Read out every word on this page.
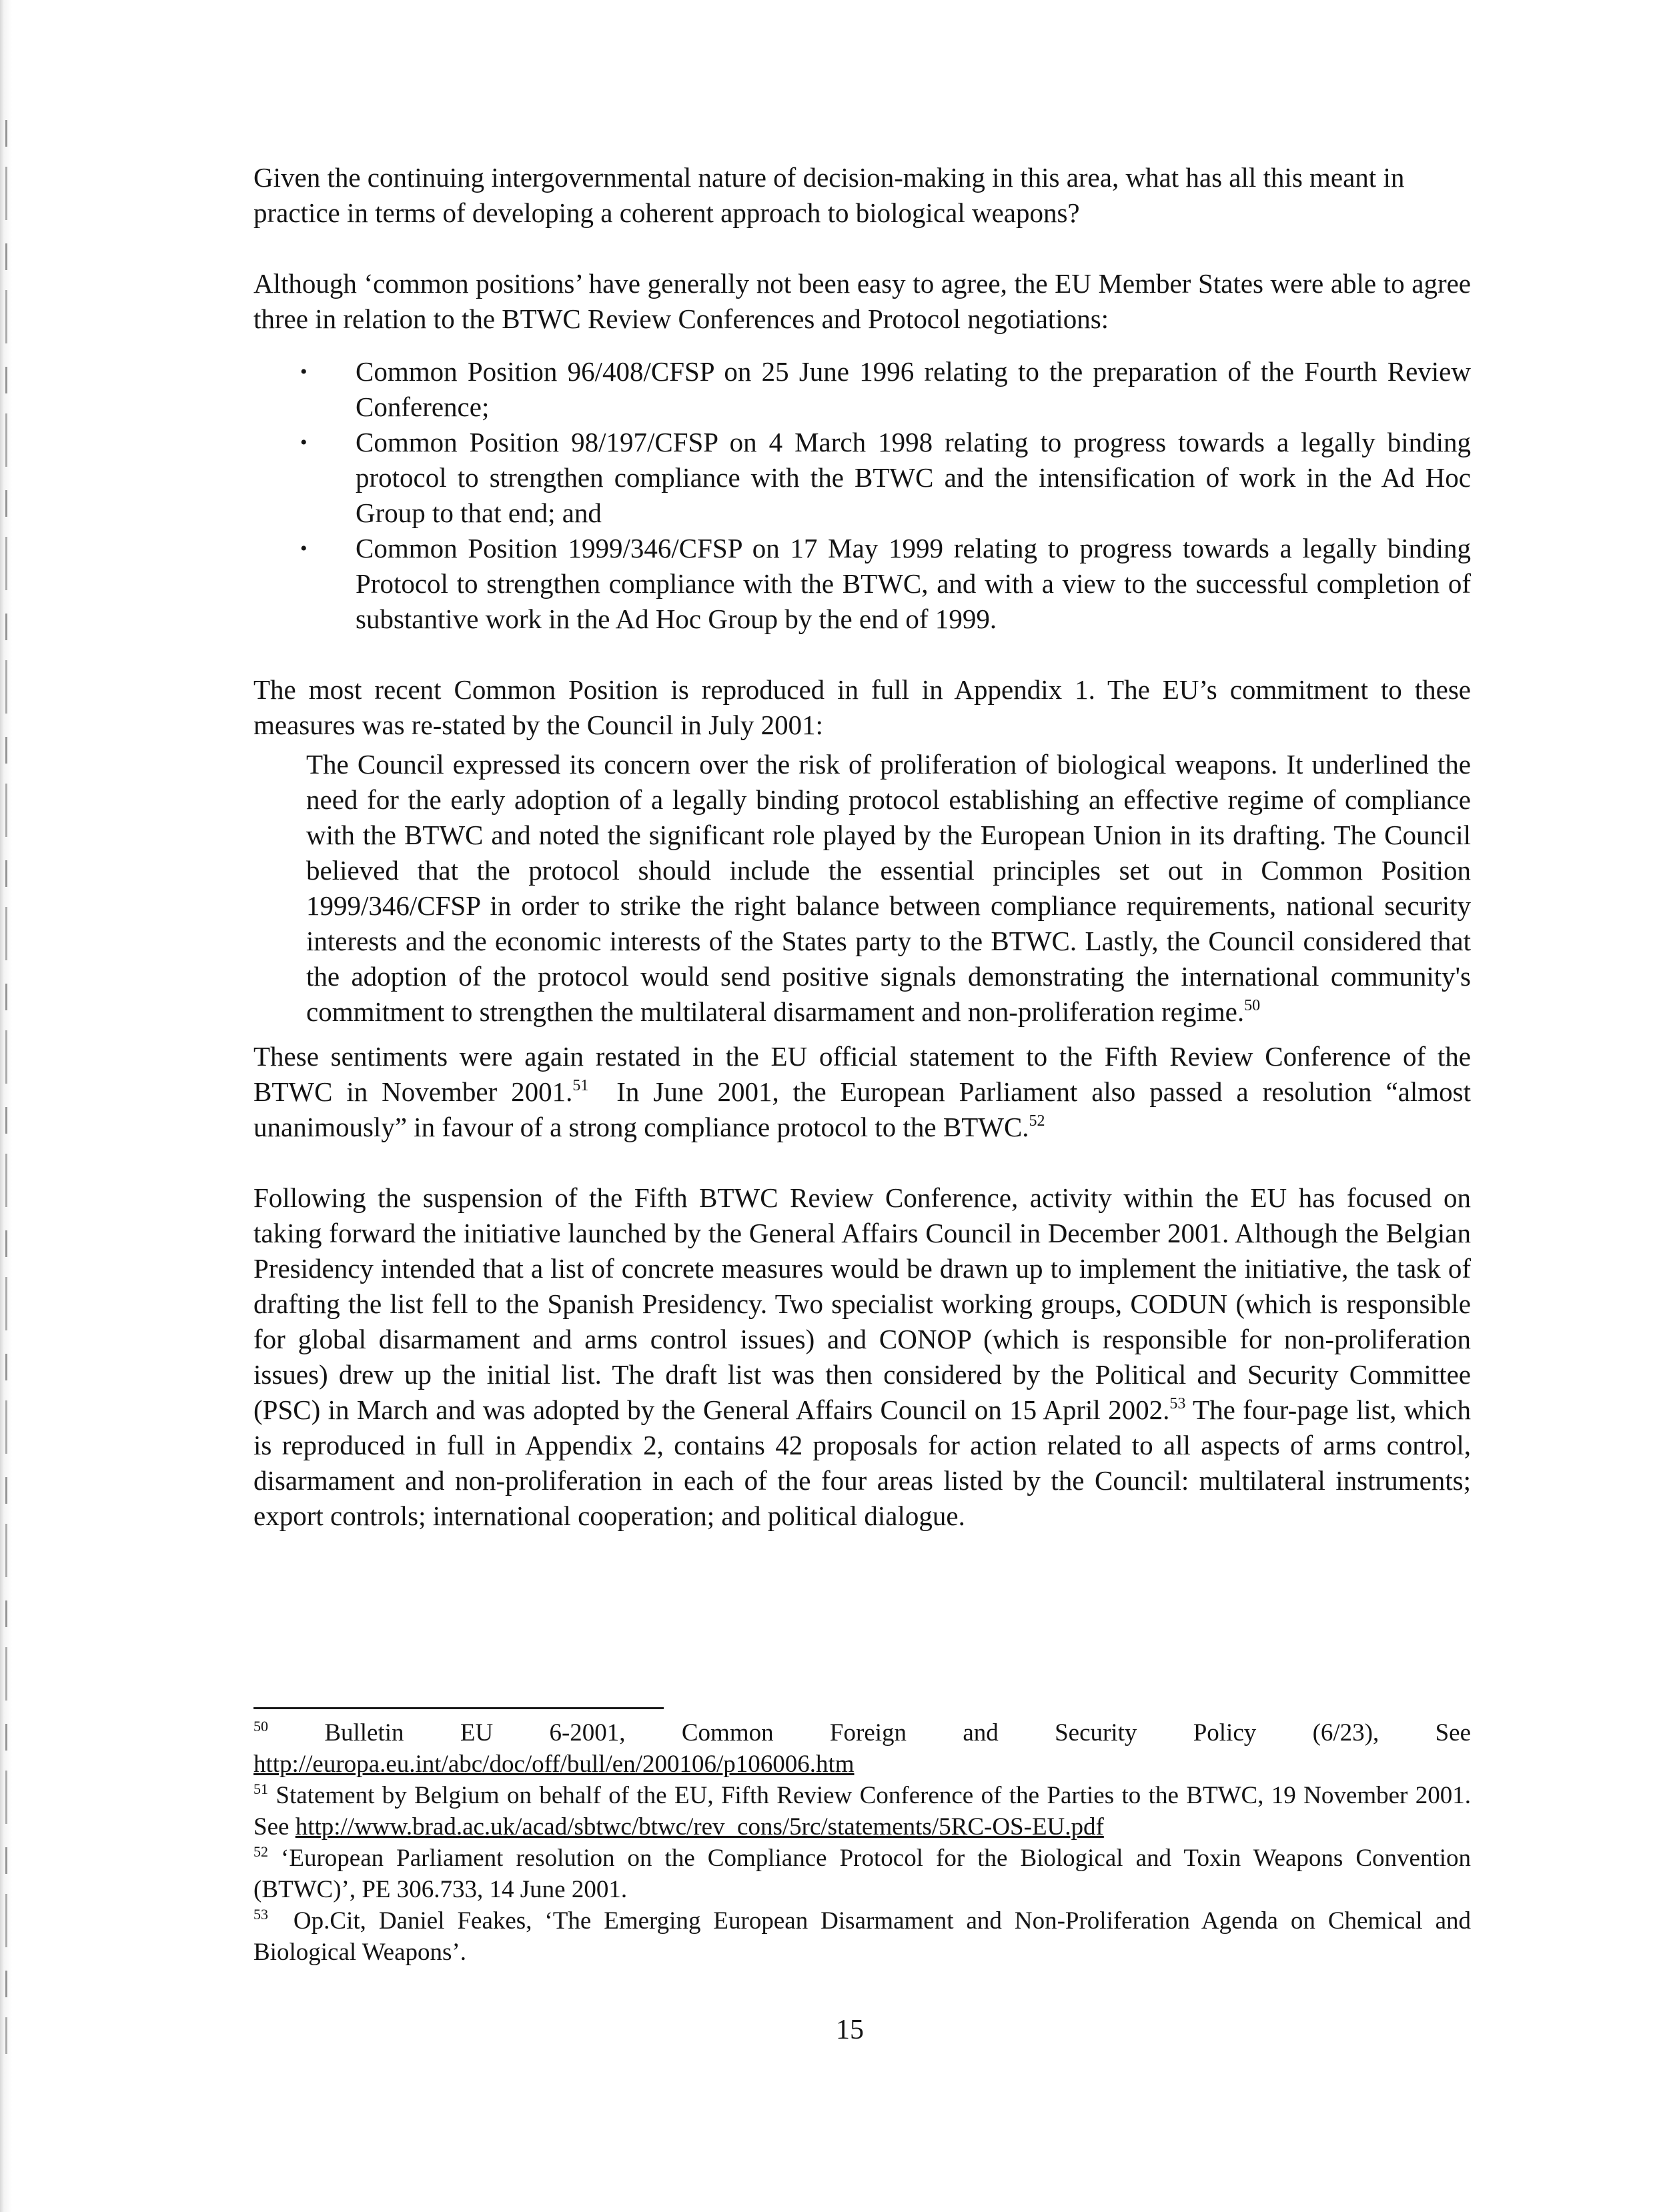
Given the continuing intergovernmental nature of decision-making in this area, what has all this meant in practice in terms of developing a coherent approach to biological weapons?

Although ‘common positions’ have generally not been easy to agree, the EU Member States were able to agree three in relation to the BTWC Review Conferences and Protocol negotiations:

• Common Position 96/408/CFSP on 25 June 1996 relating to the preparation of the Fourth Review Conference;
• Common Position 98/197/CFSP on 4 March 1998 relating to progress towards a legally binding protocol to strengthen compliance with the BTWC and the intensification of work in the Ad Hoc Group to that end; and
• Common Position 1999/346/CFSP on 17 May 1999 relating to progress towards a legally binding Protocol to strengthen compliance with the BTWC, and with a view to the successful completion of substantive work in the Ad Hoc Group by the end of 1999.

The most recent Common Position is reproduced in full in Appendix 1. The EU’s commitment to these measures was re-stated by the Council in July 2001:

The Council expressed its concern over the risk of proliferation of biological weapons. It underlined the need for the early adoption of a legally binding protocol establishing an effective regime of compliance with the BTWC and noted the significant role played by the European Union in its drafting. The Council believed that the protocol should include the essential principles set out in Common Position 1999/346/CFSP in order to strike the right balance between compliance requirements, national security interests and the economic interests of the States party to the BTWC. Lastly, the Council considered that the adoption of the protocol would send positive signals demonstrating the international community's commitment to strengthen the multilateral disarmament and non-proliferation regime.$^{50}$

These sentiments were again restated in the EU official statement to the Fifth Review Conference of the BTWC in November 2001.51  In June 2001, the European Parliament also passed a resolution “almost unanimously” in favour of a strong compliance protocol to the BTWC.$^{52}$

Following the suspension of the Fifth BTWC Review Conference, activity within the EU has focused on taking forward the initiative launched by the General Affairs Council in December 2001. Although the Belgian Presidency intended that a list of concrete measures would be drawn up to implement the initiative, the task of drafting the list fell to the Spanish Presidency. Two specialist working groups, CODUN (which is responsible for global disarmament and arms control issues) and CONOP (which is responsible for non-proliferation issues) drew up the initial list. The draft list was then considered by the Political and Security Committee (PSC) in March and was adopted by the General Affairs Council on 15 April 2002.53 The four-page list, which is reproduced in full in Appendix 2, contains 42 proposals for action related to all aspects of arms control, disarmament and non-proliferation in each of the four areas listed by the Council: multilateral instruments; export controls; international cooperation; and political dialogue.

$^{50}$ Bulletin EU 6-2001, Common Foreign and Security Policy (6/23), See http://europa.eu.int/abc/doc/off/bull/en/200106/p106006.htm

$^{51}$ Statement by Belgium on behalf of the EU, Fifth Review Conference of the Parties to the BTWC, 19 November 2001. See http://www.brad.ac.uk/acad/sbtwc/btwc/rev_cons/5rc/statements/5RC-OS-EU.pdf

$^{52}$ ‘European Parliament resolution on the Compliance Protocol for the Biological and Toxin Weapons Convention (BTWC)’, PE 306.733, 14 June 2001.

$^{53}$  Op.Cit, Daniel Feakes, ‘The Emerging European Disarmament and Non-Proliferation Agenda on Chemical and Biological Weapons’.

15
